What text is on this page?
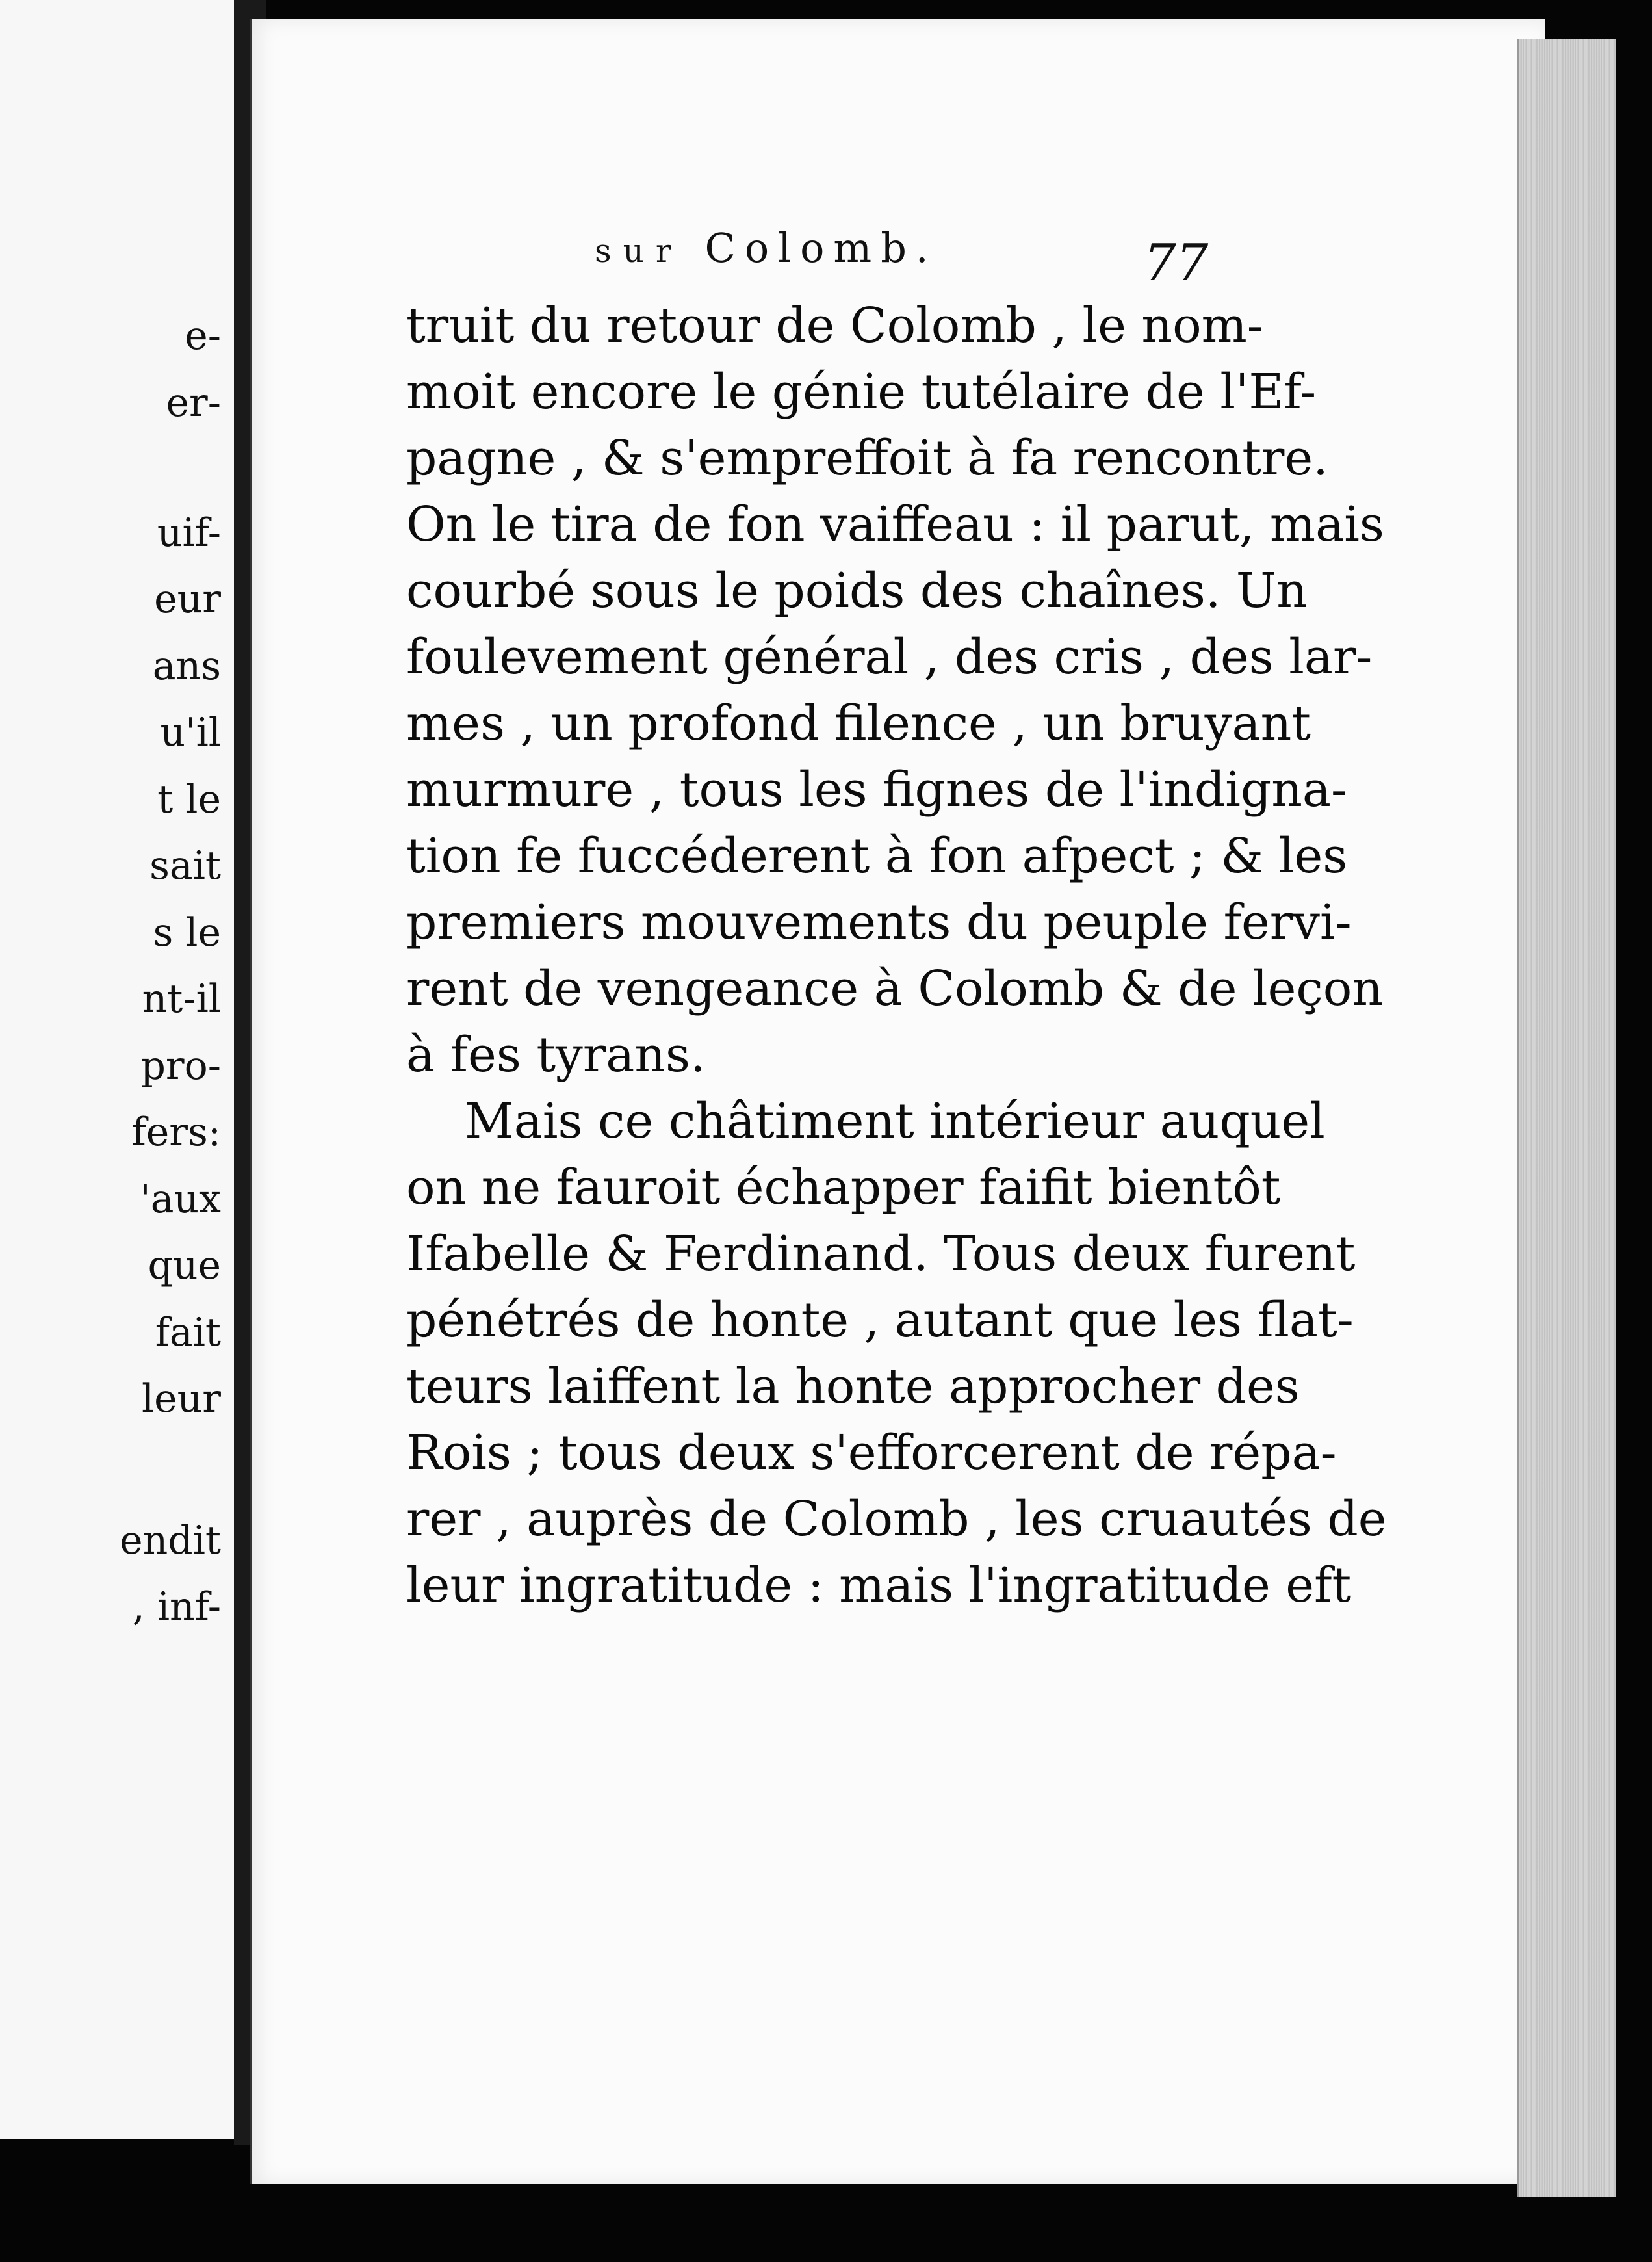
e-
er-
uif-
eur
ans
u'il
t le
sait
s le
nt-il
pro-
fers:
'aux
que
fait
leur
endit
, inf-
sur Colomb.	77
truit du retour de Colomb , le nom-
moit encore le génie tutélaire de l'Ef-
pagne , & s'empreffoit à fa rencontre.
On le tira de fon vaiffeau : il parut, mais
courbé sous le poids des chaînes. Un
foulevement général , des cris , des lar-
mes , un profond filence , un bruyant
murmure , tous les fignes de l'indigna-
tion fe fuccéderent à fon afpect ; & les
premiers mouvements du peuple fervi-
rent de vengeance à Colomb & de leçon
à fes tyrans.
Mais ce châtiment intérieur auquel
on ne fauroit échapper faifit bientôt
Ifabelle & Ferdinand. Tous deux furent
pénétrés de honte , autant que les flat-
teurs laiffent la honte approcher des
Rois ; tous deux s'efforcerent de répa-
rer , auprès de Colomb , les cruautés de
leur ingratitude : mais l'ingratitude eft
